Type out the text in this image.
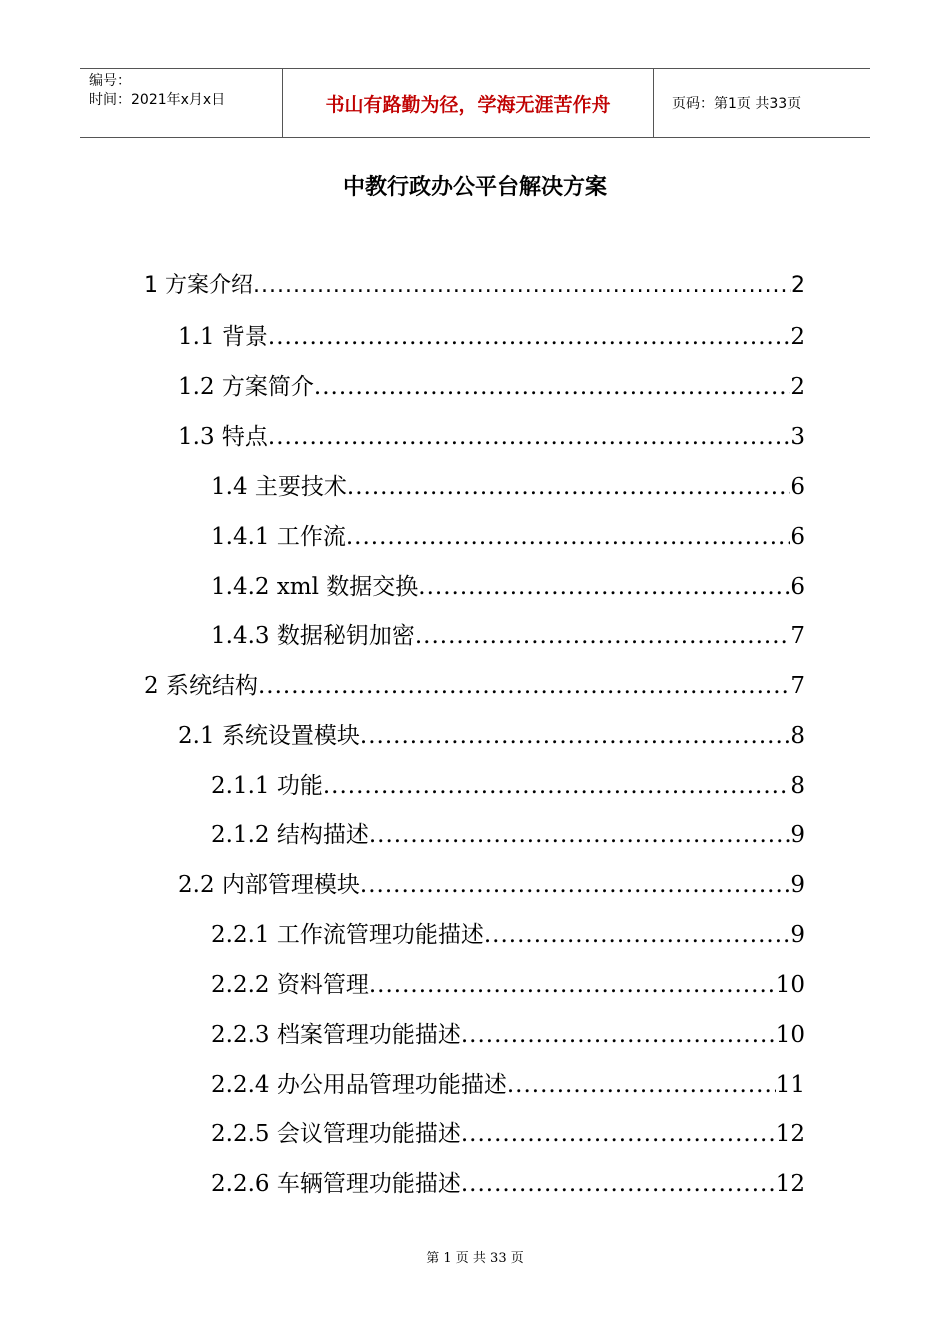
编号：
时间：2021年x月x日	书山有路勤为径，学海无涯苦作舟	页码：第1页 共33页
中教行政办公平台解决方案
1 方案介绍 .....	2
1.1 背景 .....	2
1.2 方案简介 .....	2
1.3 特点 .....	3
1.4 主要技术 .....	6
1.4.1 工作流 .....	6
1.4.2 xml 数据交换 .....	6
1.4.3 数据秘钥加密 .....	7
2 系统结构 .....	7
2.1 系统设置模块 .....	8
2.1.1 功能 .....	8
2.1.2 结构描述 .....	9
2.2 内部管理模块 .....	9
2.2.1 工作流管理功能描述 .....	9
2.2.2 资料管理 .....	10
2.2.3 档案管理功能描述 .....	10
2.2.4 办公用品管理功能描述 .....	11
2.2.5 会议管理功能描述 .....	12
2.2.6 车辆管理功能描述 .....	12
第 1 页 共 33 页
